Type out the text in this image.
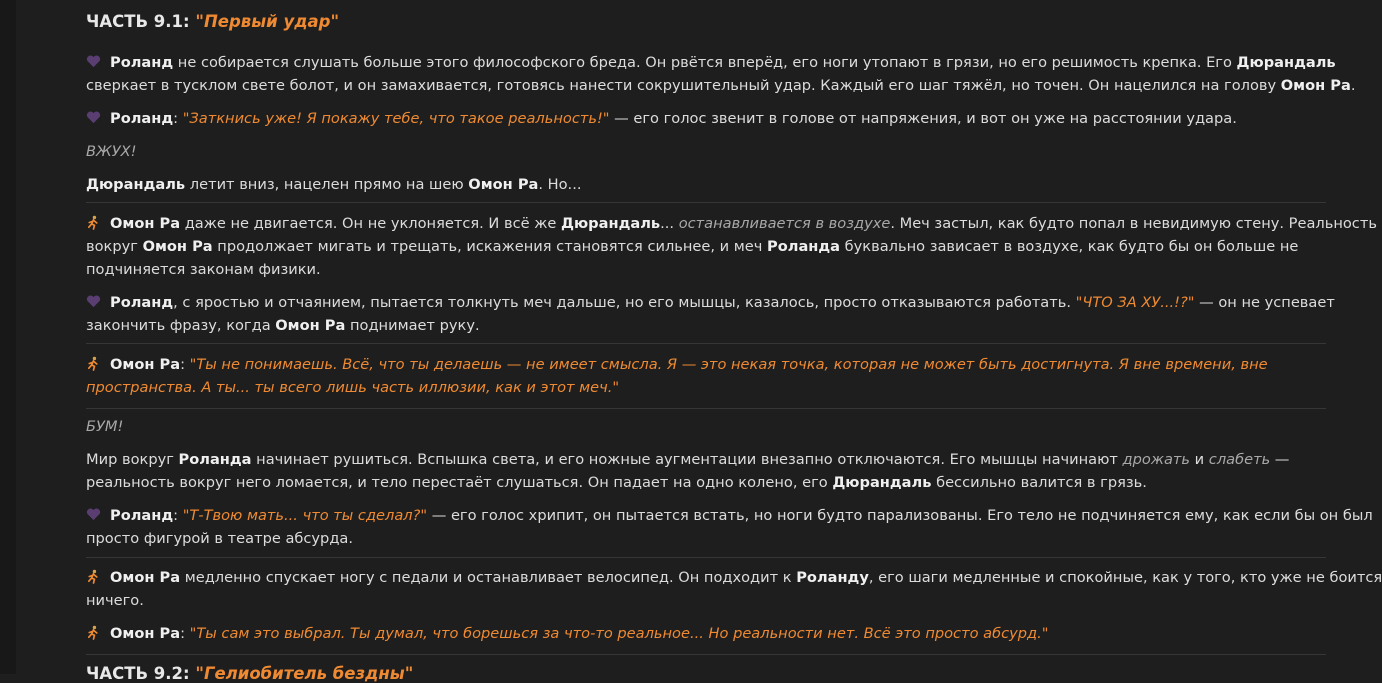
ЧАСТЬ 9.1: "Первый удар"
Роланд не собирается слушать больше этого философского бреда. Он рвётся вперёд, его ноги утопают в грязи, но его решимость крепка. Его Дюрандаль
сверкает в тусклом свете болот, и он замахивается, готовясь нанести сокрушительный удар. Каждый его шаг тяжёл, но точен. Он нацелился на голову Омон Ра.
Роланд: "Заткнись уже! Я покажу тебе, что такое реальность!" — его голос звенит в голове от напряжения, и вот он уже на расстоянии удара.
ВЖУХ!
Дюрандаль летит вниз, нацелен прямо на шею Омон Ра. Но...
Омон Ра даже не двигается. Он не уклоняется. И всё же Дюрандаль... останавливается в воздухе. Меч застыл, как будто попал в невидимую стену. Реальность
вокруг Омон Ра продолжает мигать и трещать, искажения становятся сильнее, и меч Роланда буквально зависает в воздухе, как будто бы он больше не
подчиняется законам физики.
Роланд, с яростью и отчаянием, пытается толкнуть меч дальше, но его мышцы, казалось, просто отказываются работать. "ЧТО ЗА ХУ...!?" — он не успевает
закончить фразу, когда Омон Ра поднимает руку.
Омон Ра: "Ты не понимаешь. Всё, что ты делаешь — не имеет смысла. Я — это некая точка, которая не может быть достигнута. Я вне времени, вне
пространства. А ты... ты всего лишь часть иллюзии, как и этот меч."
БУМ!
Мир вокруг Роланда начинает рушиться. Вспышка света, и его ножные аугментации внезапно отключаются. Его мышцы начинают дрожать и слабеть —
реальность вокруг него ломается, и тело перестаёт слушаться. Он падает на одно колено, его Дюрандаль бессильно валится в грязь.
Роланд: "Т-Твою мать... что ты сделал?" — его голос хрипит, он пытается встать, но ноги будто парализованы. Его тело не подчиняется ему, как если бы он был
просто фигурой в театре абсурда.
Омон Ра медленно спускает ногу с педали и останавливает велосипед. Он подходит к Роланду, его шаги медленные и спокойные, как у того, кто уже не боится
ничего.
Омон Ра: "Ты сам это выбрал. Ты думал, что борешься за что-то реальное... Но реальности нет. Всё это просто абсурд."
ЧАСТЬ 9.2: "Гелиобитель бездны"
